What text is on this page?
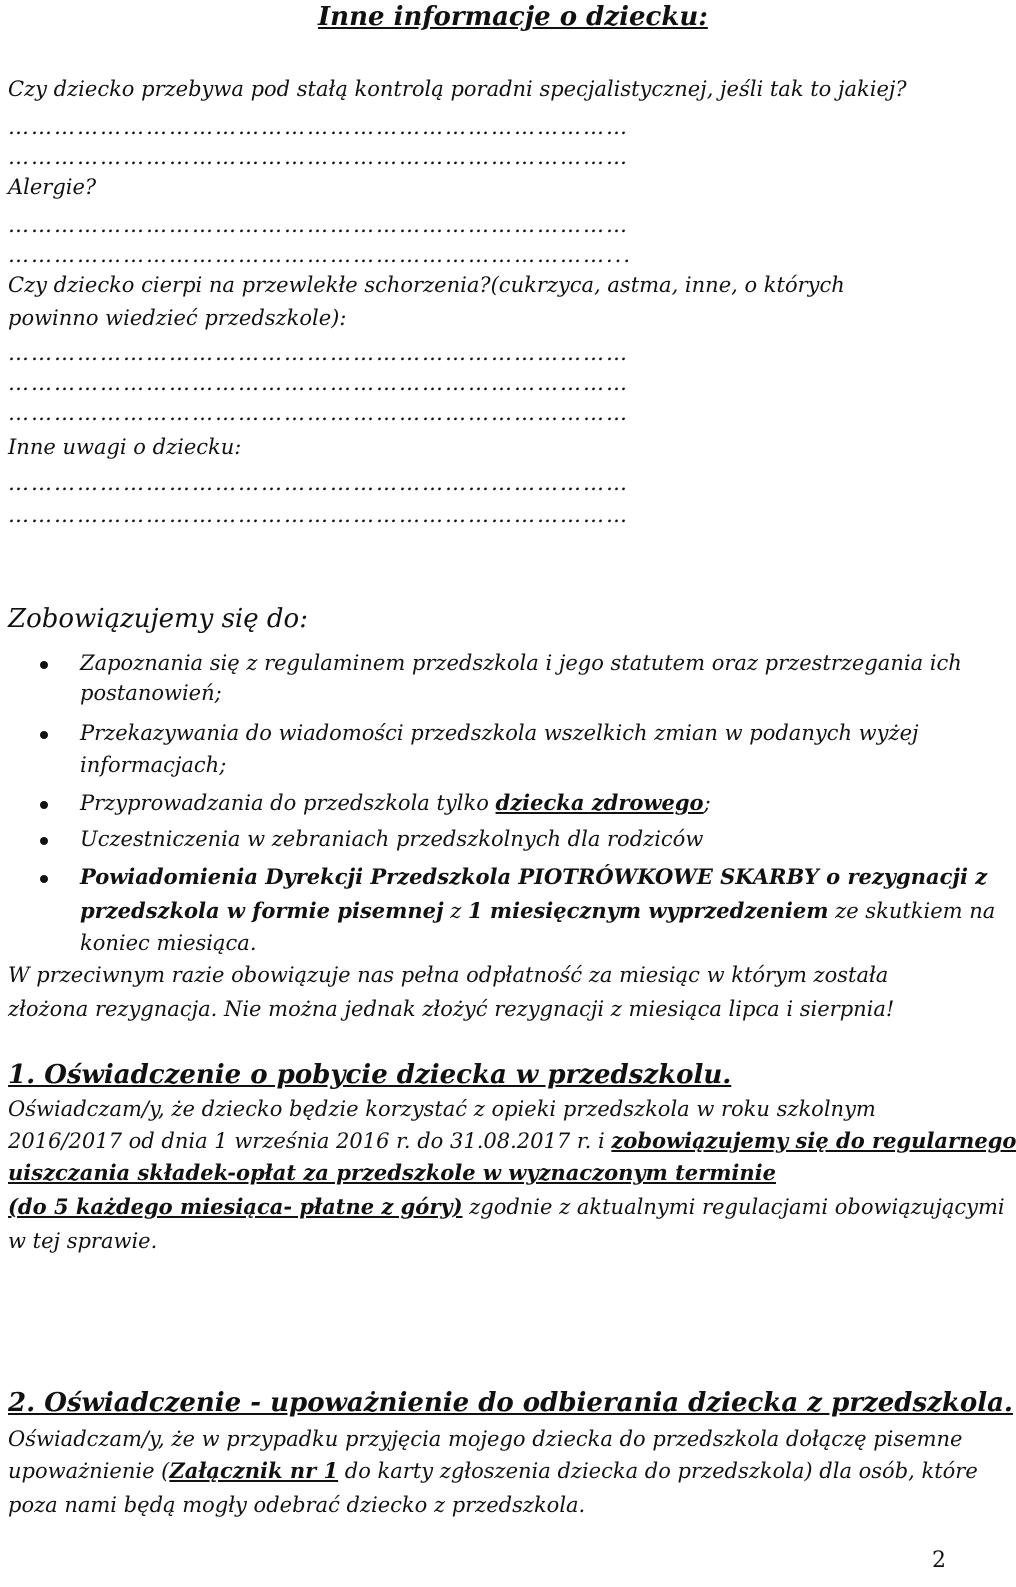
Inne informacje o dziecku:
Czy dziecko przebywa pod stałą kontrolą poradni specjalistycznej, jeśli tak to jakiej?
………………………………………………………………………
………………………………………………………………………
Alergie?
………………………………………………………………………
……………………………………………………………………...
Czy dziecko cierpi na przewlekłe schorzenia?(cukrzyca, astma, inne, o których
powinno wiedzieć przedszkole):
………………………………………………………………………
………………………………………………………………………
………………………………………………………………………
Inne uwagi o dziecku:
………………………………………………………………………
………………………………………………………………………
Zobowiązujemy się do:
Zapoznania się z regulaminem przedszkola i jego statutem oraz przestrzegania ich
postanowień;
Przekazywania do wiadomości przedszkola wszelkich zmian w podanych wyżej
informacjach;
Przyprowadzania do przedszkola tylko dziecka zdrowego;
Uczestniczenia w zebraniach przedszkolnych dla rodziców
Powiadomienia Dyrekcji Przedszkola PIOTRÓWKOWE SKARBY o rezygnacji z
przedszkola w formie pisemnej z 1 miesięcznym wyprzedzeniem ze skutkiem na
koniec miesiąca.
W przeciwnym razie obowiązuje nas pełna odpłatność za miesiąc w którym została
złożona rezygnacja. Nie można jednak złożyć rezygnacji z miesiąca lipca i sierpnia!
1. Oświadczenie o pobycie dziecka w przedszkolu.
Oświadczam/y, że dziecko będzie korzystać z opieki przedszkola w roku szkolnym
2016/2017 od dnia 1 września 2016 r. do 31.08.2017 r. i zobowiązujemy się do regularnego
uiszczania składek-opłat za przedszkole w wyznaczonym terminie
(do 5 każdego miesiąca- płatne z góry) zgodnie z aktualnymi regulacjami obowiązującymi
w tej sprawie.
2. Oświadczenie - upoważnienie do odbierania dziecka z przedszkola.
Oświadczam/y, że w przypadku przyjęcia mojego dziecka do przedszkola dołączę pisemne
upoważnienie (Załącznik nr 1 do karty zgłoszenia dziecka do przedszkola) dla osób, które
poza nami będą mogły odebrać dziecko z przedszkola.
2
